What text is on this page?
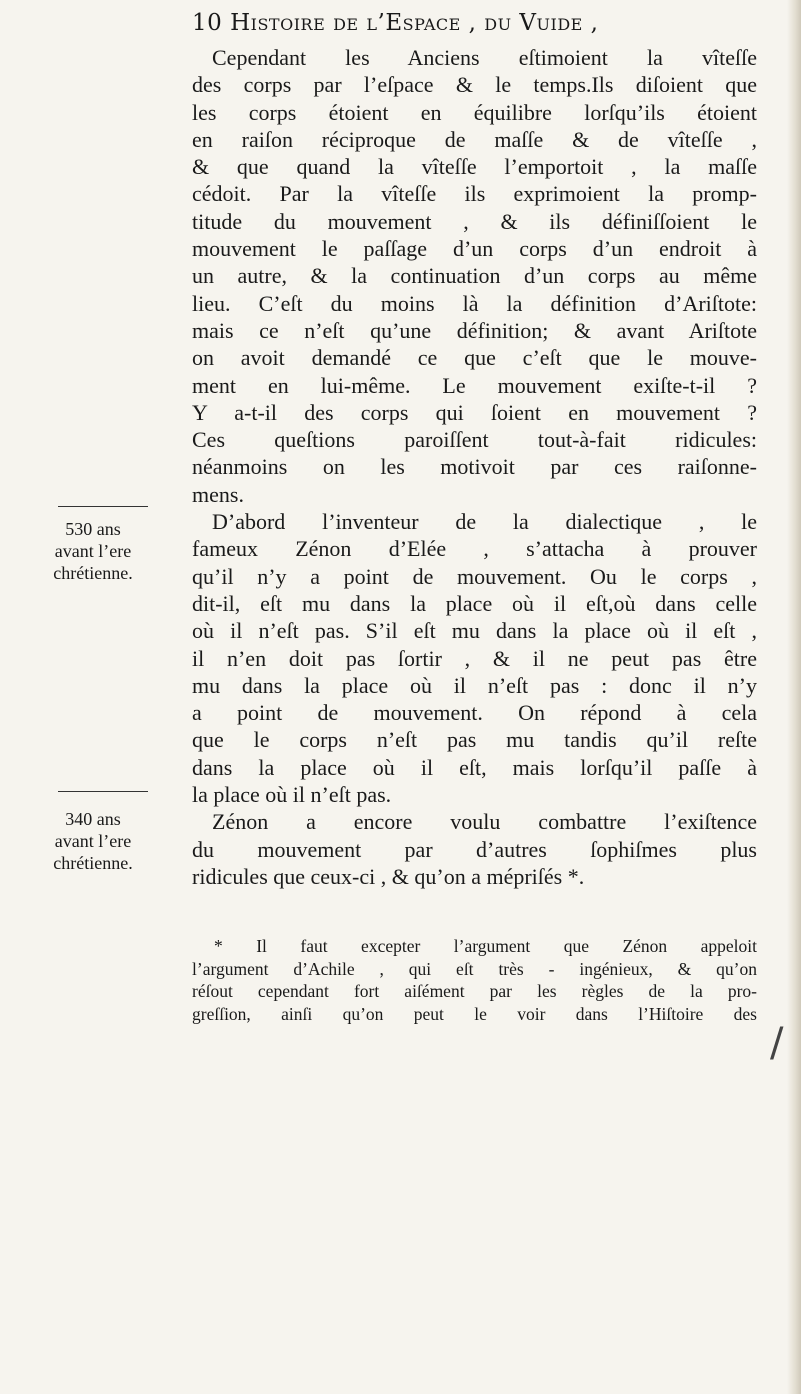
10 Histoire de l’Espace , du Vuide ,
Cependant les Anciens eſtimoient la vîteſſe
des corps par l’eſpace & le temps.Ils diſoient que
les corps étoient en équilibre lorſqu’ils étoient
en raiſon réciproque de maſſe & de vîteſſe ,
& que quand la vîteſſe l’emportoit , la maſſe
cédoit. Par la vîteſſe ils exprimoient la promp-
titude du mouvement , & ils définiſſoient le
mouvement le paſſage d’un corps d’un endroit à
un autre, & la continuation d’un corps au même
lieu. C’eſt du moins là la définition d’Ariſtote:
mais ce n’eſt qu’une définition; & avant Ariſtote
on avoit demandé ce que c’eſt que le mouve-
ment en lui-même. Le mouvement exiſte-t-il ?
Y a-t-il des corps qui ſoient en mouvement ?
Ces queſtions paroiſſent tout-à-fait ridicules:
néanmoins on les motivoit par ces raiſonne-
mens.
D’abord l’inventeur de la dialectique , le
fameux Zénon d’Elée , s’attacha à prouver
qu’il n’y a point de mouvement. Ou le corps ,
dit-il, eſt mu dans la place où il eſt,où dans celle
où il n’eſt pas. S’il eſt mu dans la place où il eſt ,
il n’en doit pas ſortir , & il ne peut pas être
mu dans la place où il n’eſt pas : donc il n’y
a point de mouvement. On répond à cela
que le corps n’eſt pas mu tandis qu’il reſte
dans la place où il eſt, mais lorſqu’il paſſe à
la place où il n’eſt pas.
Zénon a encore voulu combattre l’exiſtence
du mouvement par d’autres ſophiſmes plus
ridicules que ceux-ci , & qu’on a mépriſés *.
530 ans
avant l’ere
chrétienne.
340 ans
avant l’ere
chrétienne.
* Il faut excepter l’argument que Zénon appeloit
l’argument d’Achile , qui eſt très - ingénieux, & qu’on
réſout cependant fort aiſément par les règles de la pro-
greſſion, ainſi qu’on peut le voir dans l’Hiſtoire des
/
